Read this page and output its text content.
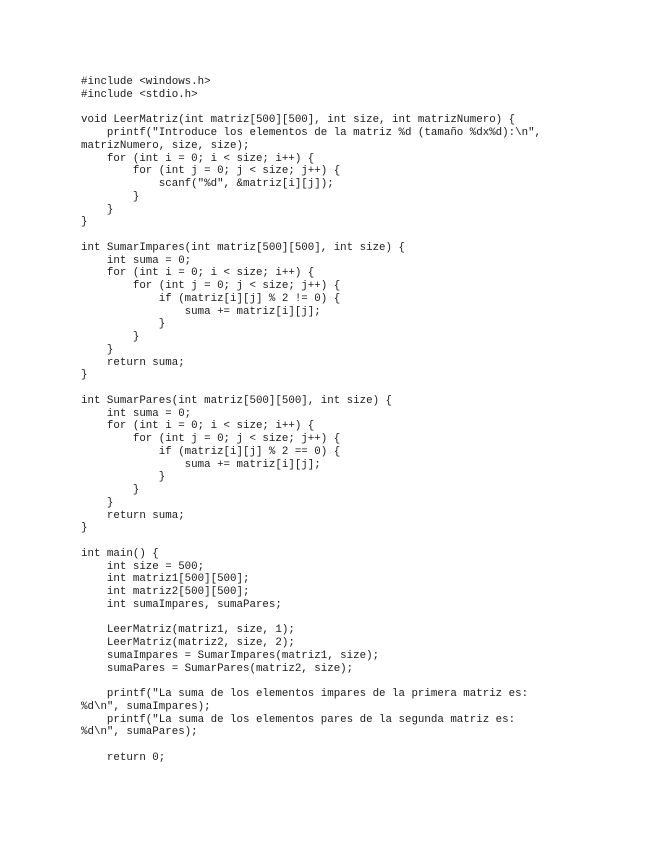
#include <windows.h>
#include <stdio.h>
void LeerMatriz(int matriz[500][500], int size, int matrizNumero) {
printf("Introduce los elementos de la matriz %d (tamaño %dx%d):\n",
matrizNumero, size, size);
for (int i = 0; i < size; i++) {
for (int j = 0; j < size; j++) {
scanf("%d", &matriz[i][j]);
}
}
}
int SumarImpares(int matriz[500][500], int size) {
int suma = 0;
for (int i = 0; i < size; i++) {
for (int j = 0; j < size; j++) {
if (matriz[i][j] % 2 != 0) {
suma += matriz[i][j];
}
}
}
return suma;
}
int SumarPares(int matriz[500][500], int size) {
int suma = 0;
for (int i = 0; i < size; i++) {
for (int j = 0; j < size; j++) {
if (matriz[i][j] % 2 == 0) {
suma += matriz[i][j];
}
}
}
return suma;
}
int main() {
int size = 500;
int matriz1[500][500];
int matriz2[500][500];
int sumaImpares, sumaPares;
LeerMatriz(matriz1, size, 1);
LeerMatriz(matriz2, size, 2);
sumaImpares = SumarImpares(matriz1, size);
sumaPares = SumarPares(matriz2, size);
printf("La suma de los elementos impares de la primera matriz es:
%d\n", sumaImpares);
printf("La suma de los elementos pares de la segunda matriz es:
%d\n", sumaPares);
return 0;
